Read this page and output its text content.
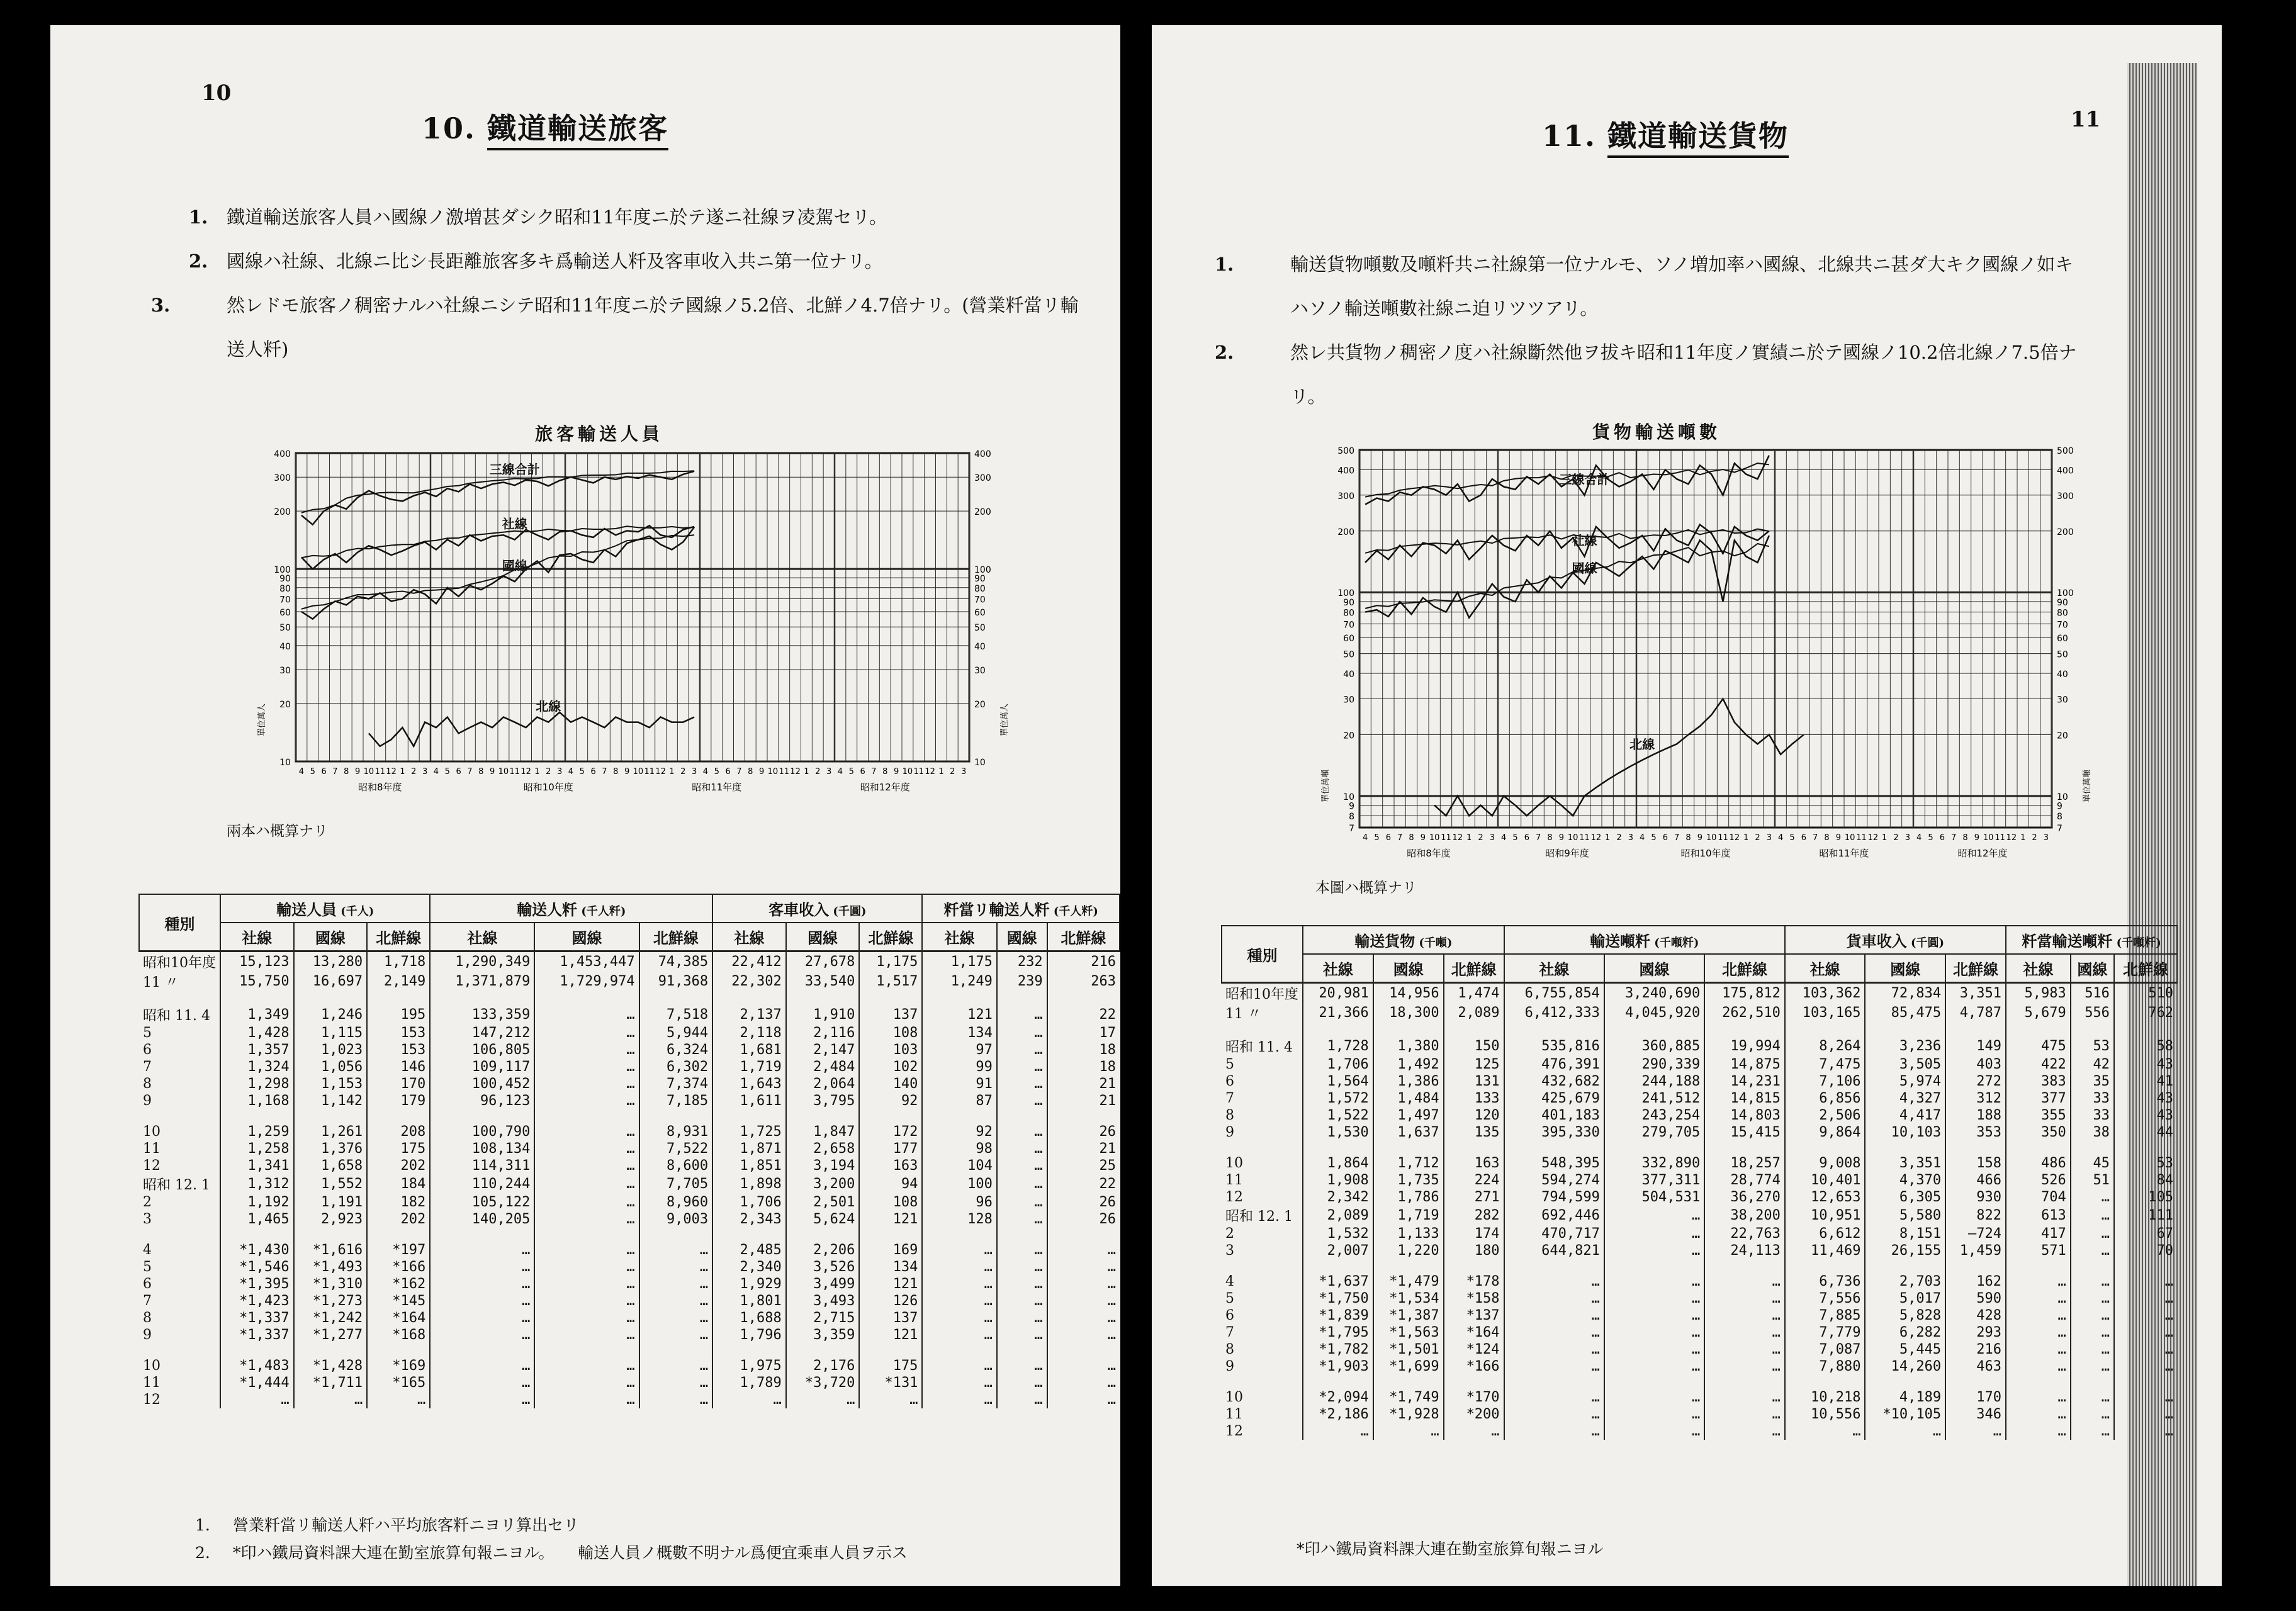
10
10. 鐵道輸送旅客
1. 鐵道輸送旅客人員ハ國線ノ激増甚ダシク昭和11年度ニ於テ遂ニ社線ヲ凌駕セリ。
2. 國線ハ社線、北線ニ比シ長距離旅客多キ爲輸送人粁及客車收入共ニ第一位ナリ。
3.	然レドモ旅客ノ稠密ナルハ社線ニシテ昭和11年度ニ於テ國線ノ5.2倍、北鮮ノ4.7倍ナリ。(營業粁當リ輸送人粁)
旅客輸送人員
400
300
200
100
90
80
70
60
50
40
30
20
10
400
300
200
100
90
80
70
60
50
40
30
20
10
單位萬人	單位萬人
4 5 6 7 8 9 10 11 12 1 2 3 4 5 6 7 8 9 10 11 12 1 2 3 4 5 6 7 8 9 10 11 12 1 2 3 4 5 6 7 8 9 10 11 12 1 2 3 4 5 6 7 8 9 10 11 12 1 2 3
昭和8年度	昭和10年度	昭和11年度	昭和12年度
三線合計
社線
國線
北線
兩本ハ概算ナリ
種別	輸送人員 (千人)			輸送人粁 (千人粁)			客車收入 (千圓)			粁當リ輸送人粁 (千人粁)		
	社線	國線	北鮮線	社線	國線	北鮮線	社線	國線	北鮮線	社線	國線	北鮮線
昭和10年度	15,123	13,280	1,718	1,290,349	1,453,447	74,385	22,412	27,678	1,175	1,175	232	216
11 〃	15,750	16,697	2,149	1,371,879	1,729,974	91,368	22,302	33,540	1,517	1,249	239	263

昭和 11. 4	1,349	1,246	195	133,359	…	7,518	2,137	1,910	137	121	…	22
5	1,428	1,115	153	147,212	…	5,944	2,118	2,116	108	134	…	17
6	1,357	1,023	153	106,805	…	6,324	1,681	2,147	103	97	…	18
7	1,324	1,056	146	109,117	…	6,302	1,719	2,484	102	99	…	18
8	1,298	1,153	170	100,452	…	7,374	1,643	2,064	140	91	…	21
9	1,168	1,142	179	96,123	…	7,185	1,611	3,795	92	87	…	21

10	1,259	1,261	208	100,790	…	8,931	1,725	1,847	172	92	…	26
11	1,258	1,376	175	108,134	…	7,522	1,871	2,658	177	98	…	21
12	1,341	1,658	202	114,311	…	8,600	1,851	3,194	163	104	…	25
昭和 12. 1	1,312	1,552	184	110,244	…	7,705	1,898	3,200	94	100	…	22
2	1,192	1,191	182	105,122	…	8,960	1,706	2,501	108	96	…	26
3	1,465	2,923	202	140,205	…	9,003	2,343	5,624	121	128	…	26

4	*1,430	*1,616	*197	…	…	…	2,485	2,206	169	…	…	…
5	*1,546	*1,493	*166	…	…	…	2,340	3,526	134	…	…	…
6	*1,395	*1,310	*162	…	…	…	1,929	3,499	121	…	…	…
7	*1,423	*1,273	*145	…	…	…	1,801	3,493	126	…	…	…
8	*1,337	*1,242	*164	…	…	…	1,688	2,715	137	…	…	…
9	*1,337	*1,277	*168	…	…	…	1,796	3,359	121	…	…	…

10	*1,483	*1,428	*169	…	…	…	1,975	2,176	175	…	…	…
11	*1,444	*1,711	*165	…	…	…	1,789	*3,720	*131	…	…	…
12	…	…	…	…	…	…	…	…	…	…	…	…
1. 營業粁當リ輸送人粁ハ平均旅客粁ニヨリ算出セリ
2. *印ハ鐵局資料課大連在勤室旅算旬報ニヨル。　　輸送人員ノ概數不明ナル爲便宜乘車人員ヲ示ス
11
11. 鐵道輸送貨物
1.	輸送貨物噸數及噸粁共ニ社線第一位ナルモ、ソノ増加率ハ國線、北線共ニ甚ダ大キク國線ノ如キハソノ輸送噸數社線ニ迫リツツアリ。
2.	然レ共貨物ノ稠密ノ度ハ社線斷然他ヲ拔キ昭和11年度ノ實績ニ於テ國線ノ10.2倍北線ノ7.5倍ナリ。
貨物輸送噸數
500
400
300
200
100
90
80
70
60
50
40
30
20
10
9
8
7
500
400
300
200
100
90
80
70
60
50
40
30
20
10
9
8
7
單位萬噸	單位萬噸
4 5 6 7 8 9 10 11 12 1 2 3 4 5 6 7 8 9 10 11 12 1 2 3 4 5 6 7 8 9 10 11 12 1 2 3 4 5 6 7 8 9 10 11 12 1 2 3 4 5 6 7 8 9 10 11 12 1 2 3
昭和8年度	昭和9年度	昭和10年度	昭和11年度	昭和12年度
三線合計
社線
國線
北線
本圖ハ概算ナリ
種別	輸送貨物 (千噸)			輸送噸粁 (千噸粁)			貨車收入 (千圓)			粁當輸送噸粁 (千噸粁)		
	社線	國線	北鮮線	社線	國線	北鮮線	社線	國線	北鮮線	社線	國線	北鮮線
昭和10年度	20,981	14,956	1,474	6,755,854	3,240,690	175,812	103,362	72,834	3,351	5,983	516	510
11 〃	21,366	18,300	2,089	6,412,333	4,045,920	262,510	103,165	85,475	4,787	5,679	556	762

昭和 11. 4	1,728	1,380	150	535,816	360,885	19,994	8,264	3,236	149	475	53	58
5	1,706	1,492	125	476,391	290,339	14,875	7,475	3,505	403	422	42	43
6	1,564	1,386	131	432,682	244,188	14,231	7,106	5,974	272	383	35	41
7	1,572	1,484	133	425,679	241,512	14,815	6,856	4,327	312	377	33	43
8	1,522	1,497	120	401,183	243,254	14,803	2,506	4,417	188	355	33	43
9	1,530	1,637	135	395,330	279,705	15,415	9,864	10,103	353	350	38	44

10	1,864	1,712	163	548,395	332,890	18,257	9,008	3,351	158	486	45	53
11	1,908	1,735	224	594,274	377,311	28,774	10,401	4,370	466	526	51	84
12	2,342	1,786	271	794,599	504,531	36,270	12,653	6,305	930	704	…	105
昭和 12. 1	2,089	1,719	282	692,446	…	38,200	10,951	5,580	822	613	…	111
2	1,532	1,133	174	470,717	…	22,763	6,612	8,151	—724	417	…	67
3	2,007	1,220	180	644,821	…	24,113	11,469	26,155	1,459	571	…	70

4	*1,637	*1,479	*178	…	…	…	6,736	2,703	162	…	…	…
5	*1,750	*1,534	*158	…	…	…	7,556	5,017	590	…	…	…
6	*1,839	*1,387	*137	…	…	…	7,885	5,828	428	…	…	…
7	*1,795	*1,563	*164	…	…	…	7,779	6,282	293	…	…	…
8	*1,782	*1,501	*124	…	…	…	7,087	5,445	216	…	…	…
9	*1,903	*1,699	*166	…	…	…	7,880	14,260	463	…	…	…

10	*2,094	*1,749	*170	…	…	…	10,218	4,189	170	…	…	…
11	*2,186	*1,928	*200	…	…	…	10,556	*10,105	346	…	…	…
12	…	…	…	…	…	…	…	…	…	…	…	…
*印ハ鐵局資料課大連在勤室旅算旬報ニヨル
